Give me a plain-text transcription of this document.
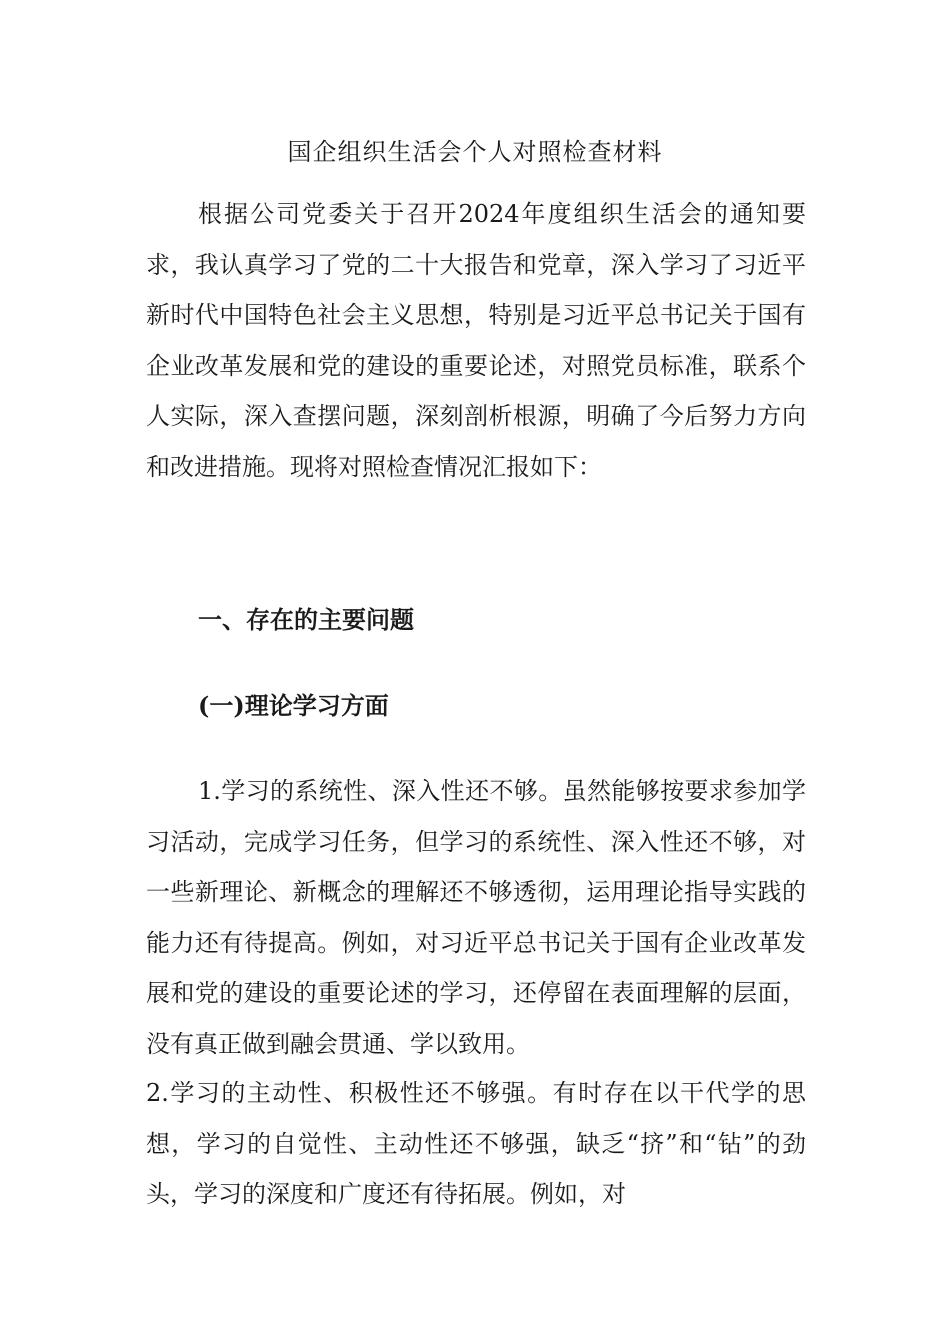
国企组织生活会个人对照检查材料
根据公司党委关于召开2024年度组织生活会的通知要求，我认真学习了党的二十大报告和党章，深入学习了习近平新时代中国特色社会主义思想，特别是习近平总书记关于国有企业改革发展和党的建设的重要论述，对照党员标准，联系个人实际，深入查摆问题，深刻剖析根源，明确了今后努力方向和改进措施。现将对照检查情况汇报如下：
一、存在的主要问题
(一)理论学习方面
1.学习的系统性、深入性还不够。虽然能够按要求参加学习活动，完成学习任务，但学习的系统性、深入性还不够，对一些新理论、新概念的理解还不够透彻，运用理论指导实践的能力还有待提高。例如，对习近平总书记关于国有企业改革发展和党的建设的重要论述的学习，还停留在表面理解的层面，没有真正做到融会贯通、学以致用。
2.学习的主动性、积极性还不够强。有时存在以干代学的思想，学习的自觉性、主动性还不够强，缺乏“挤”和“钻”的劲头，学习的深度和广度还有待拓展。例如，对
